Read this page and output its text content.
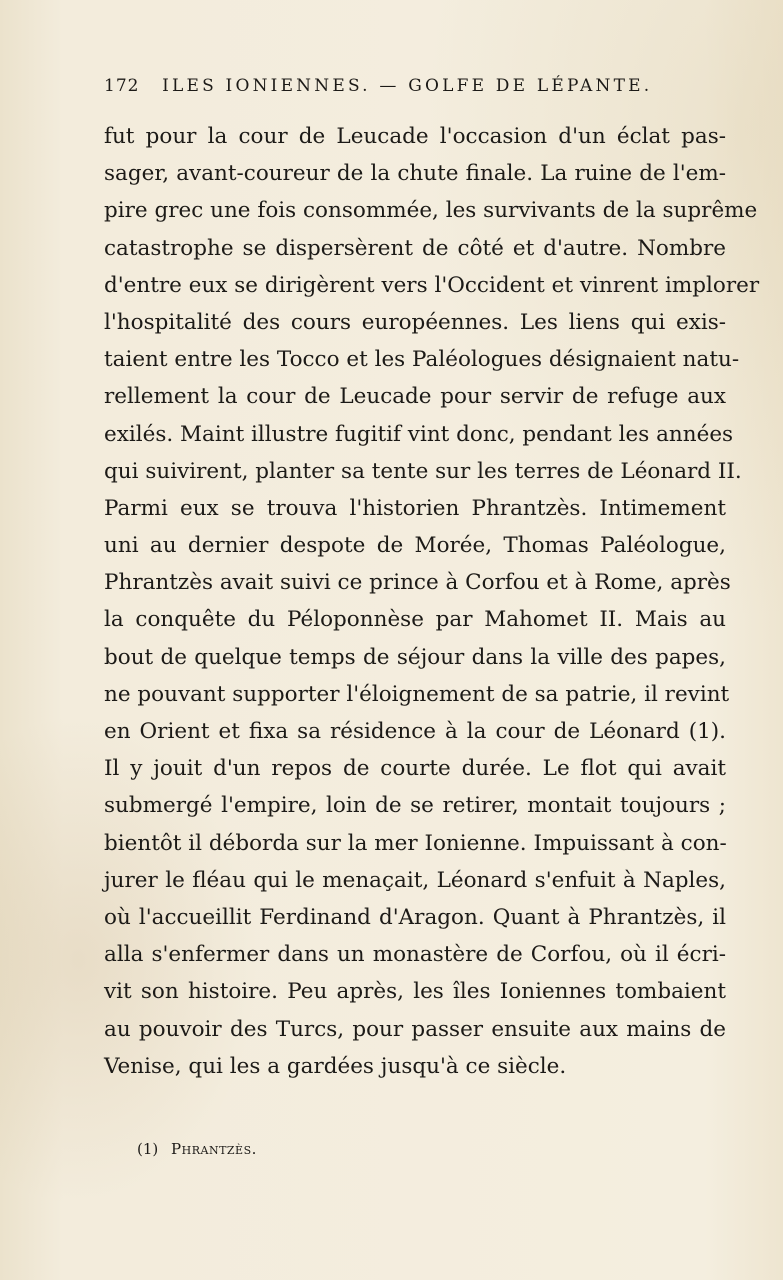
172 ILES IONIENNES. — GOLFE DE LÉPANTE.
fut pour la cour de Leucade l'occasion d'un éclat pas-
sager, avant-coureur de la chute finale. La ruine de l'em-
pire grec une fois consommée, les survivants de la suprême
catastrophe se dispersèrent de côté et d'autre. Nombre
d'entre eux se dirigèrent vers l'Occident et vinrent implorer
l'hospitalité des cours européennes. Les liens qui exis-
taient entre les Tocco et les Paléologues désignaient natu-
rellement la cour de Leucade pour servir de refuge aux
exilés. Maint illustre fugitif vint donc, pendant les années
qui suivirent, planter sa tente sur les terres de Léonard II.
Parmi eux se trouva l'historien Phrantzès. Intimement
uni au dernier despote de Morée, Thomas Paléologue,
Phrantzès avait suivi ce prince à Corfou et à Rome, après
la conquête du Péloponnèse par Mahomet II. Mais au
bout de quelque temps de séjour dans la ville des papes,
ne pouvant supporter l'éloignement de sa patrie, il revint
en Orient et fixa sa résidence à la cour de Léonard (1).
Il y jouit d'un repos de courte durée. Le flot qui avait
submergé l'empire, loin de se retirer, montait toujours ;
bientôt il déborda sur la mer Ionienne. Impuissant à con-
jurer le fléau qui le menaçait, Léonard s'enfuit à Naples,
où l'accueillit Ferdinand d'Aragon. Quant à Phrantzès, il
alla s'enfermer dans un monastère de Corfou, où il écri-
vit son histoire. Peu après, les îles Ioniennes tombaient
au pouvoir des Turcs, pour passer ensuite aux mains de
Venise, qui les a gardées jusqu'à ce siècle.
(1) Phrantzès.
